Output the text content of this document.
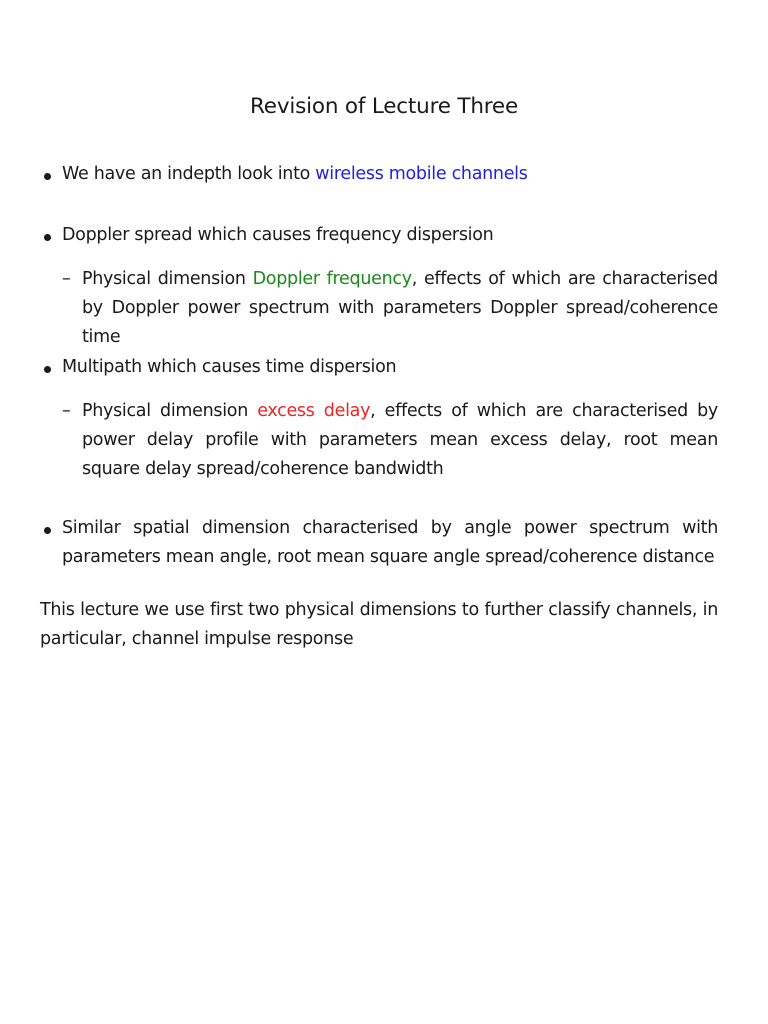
Revision of Lecture Three
We have an indepth look into wireless mobile channels
Doppler spread which causes frequency dispersion
– Physical dimension Doppler frequency, effects of which are characterised by Doppler power spectrum with parameters Doppler spread/coherence time
Multipath which causes time dispersion
– Physical dimension excess delay, effects of which are characterised by power delay profile with parameters mean excess delay, root mean square delay spread/coherence bandwidth
Similar spatial dimension characterised by angle power spectrum with parameters mean angle, root mean square angle spread/coherence distance
This lecture we use first two physical dimensions to further classify channels, in particular, channel impulse response
